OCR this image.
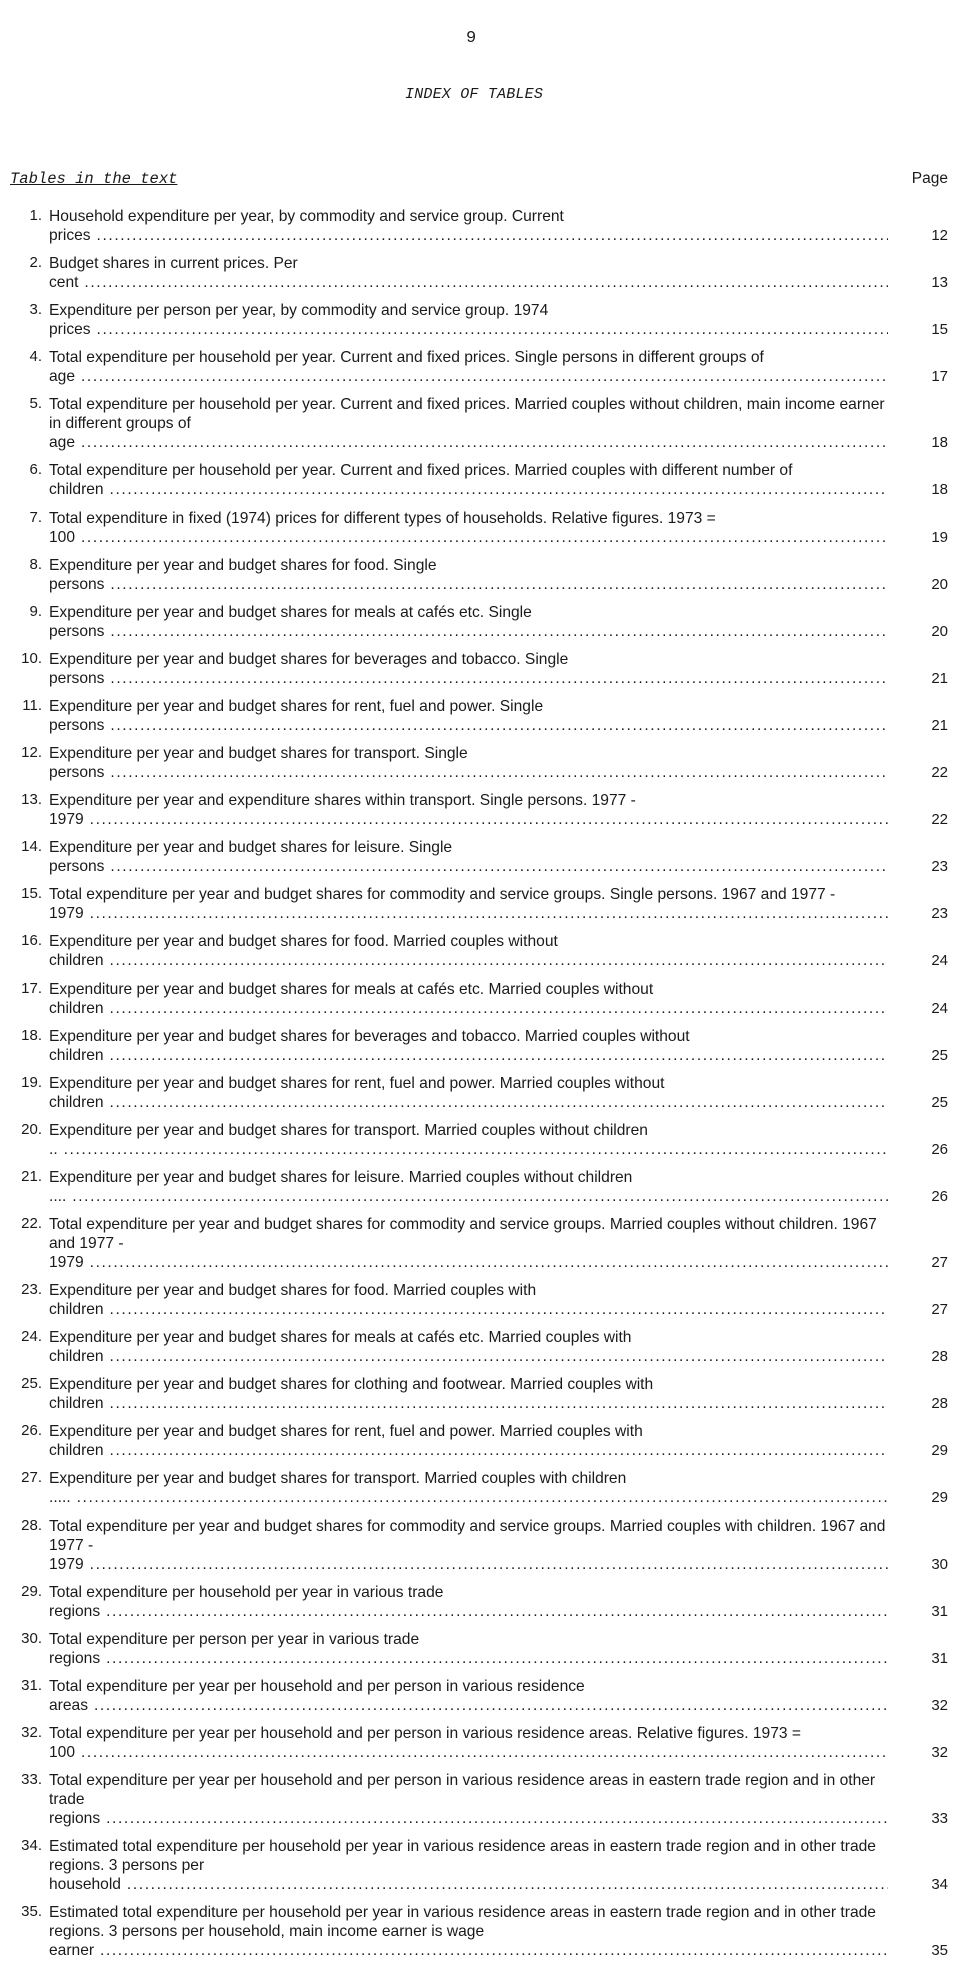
9
INDEX OF TABLES
Tables in the text	Page
1. Household expenditure per year, by commodity and service group. Current prices .....	12
2. Budget shares in current prices. Per cent .....	13
3. Expenditure per person per year, by commodity and service group. 1974 prices .....	15
4. Total expenditure per household per year. Current and fixed prices. Single persons in different groups of age .....	17
5. Total expenditure per household per year. Current and fixed prices. Married couples without children, main income earner in different groups of age .....	18
6. Total expenditure per household per year. Current and fixed prices. Married couples with different number of children .....	18
7. Total expenditure in fixed (1974) prices for different types of households. Relative figures. 1973 = 100 .....	19
8. Expenditure per year and budget shares for food. Single persons .....	20
9. Expenditure per year and budget shares for meals at cafés etc. Single persons .....	20
10. Expenditure per year and budget shares for beverages and tobacco. Single persons .....	21
11. Expenditure per year and budget shares for rent, fuel and power. Single persons .....	21
12. Expenditure per year and budget shares for transport. Single persons .....	22
13. Expenditure per year and expenditure shares within transport. Single persons. 1977 - 1979 .....	22
14. Expenditure per year and budget shares for leisure. Single persons .....	23
15. Total expenditure per year and budget shares for commodity and service groups. Single persons. 1967 and 1977 - 1979 .....	23
16. Expenditure per year and budget shares for food. Married couples without children .....	24
17. Expenditure per year and budget shares for meals at cafés etc. Married couples without children .....	24
18. Expenditure per year and budget shares for beverages and tobacco. Married couples without children .....	25
19. Expenditure per year and budget shares for rent, fuel and power. Married couples without children .....	25
20. Expenditure per year and budget shares for transport. Married couples without children .. .....	26
21. Expenditure per year and budget shares for leisure. Married couples without children .... .....	26
22. Total expenditure per year and budget shares for commodity and service groups. Married couples without children. 1967 and 1977 - 1979 .....	27
23. Expenditure per year and budget shares for food. Married couples with children .....	27
24. Expenditure per year and budget shares for meals at cafés etc. Married couples with children .....	28
25. Expenditure per year and budget shares for clothing and footwear. Married couples with children .....	28
26. Expenditure per year and budget shares for rent, fuel and power. Married couples with children .....	29
27. Expenditure per year and budget shares for transport. Married couples with children ..... .....	29
28. Total expenditure per year and budget shares for commodity and service groups. Married couples with children. 1967 and 1977 - 1979 .....	30
29. Total expenditure per household per year in various trade regions .....	31
30. Total expenditure per person per year in various trade regions .....	31
31. Total expenditure per year per household and per person in various residence areas .....	32
32. Total expenditure per year per household and per person in various residence areas. Relative figures. 1973 = 100 .....	32
33. Total expenditure per year per household and per person in various residence areas in eastern trade region and in other trade regions .....	33
34. Estimated total expenditure per household per year in various residence areas in eastern trade region and in other trade regions. 3 persons per household .....	34
35. Estimated total expenditure per household per year in various residence areas in eastern trade region and in other trade regions. 3 persons per household, main income earner is wage earner .....	35
